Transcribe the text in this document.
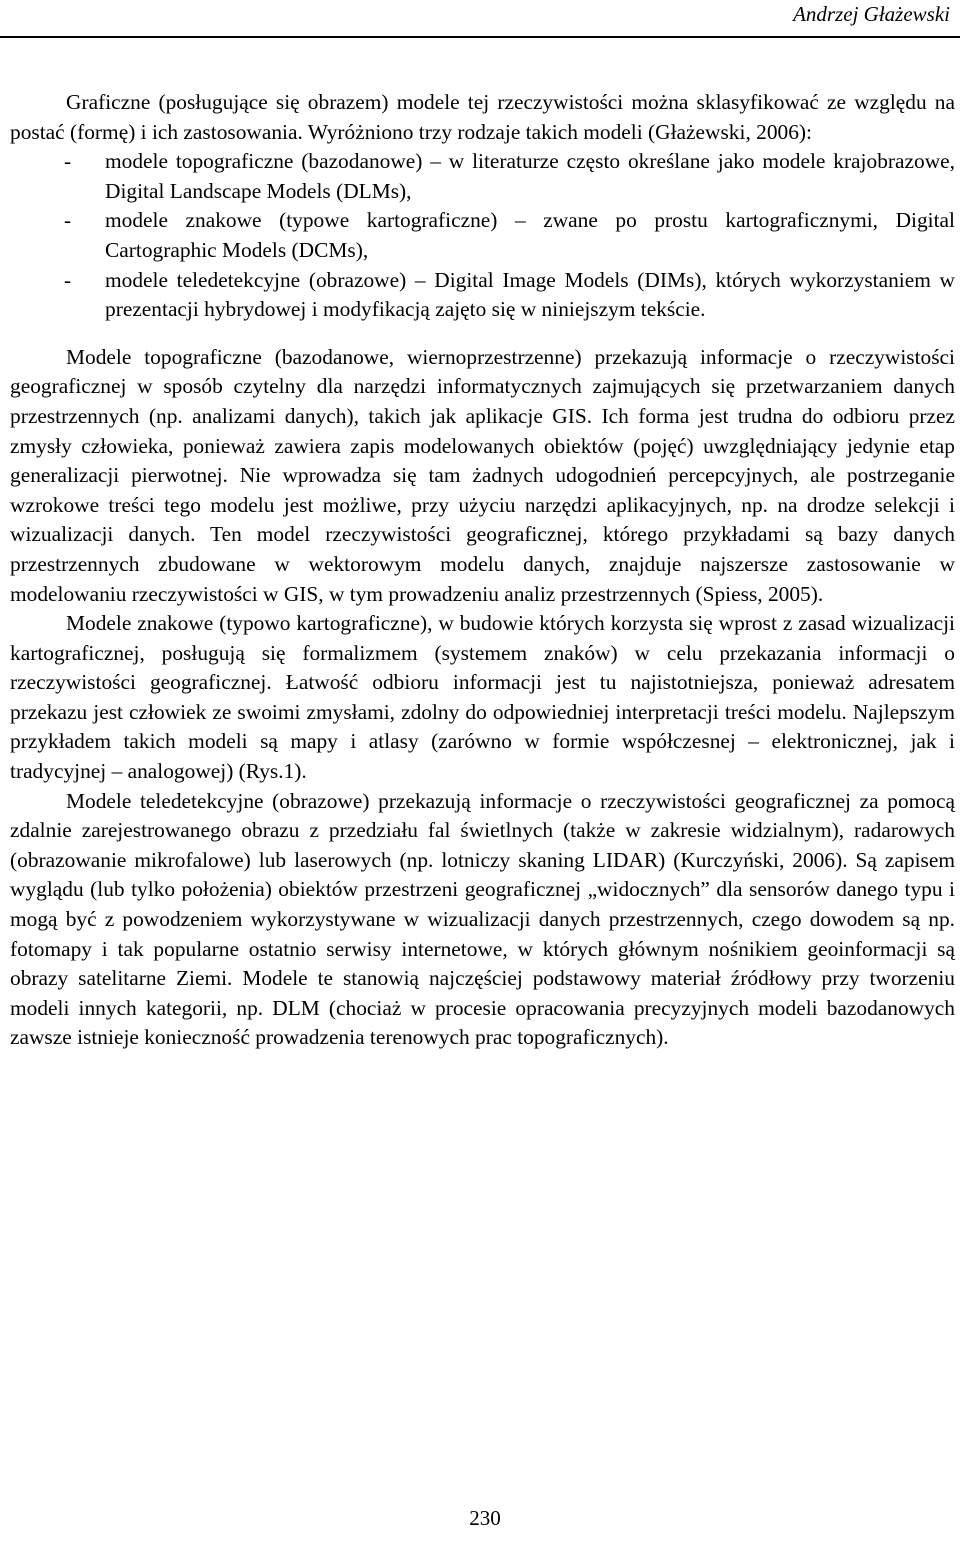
Andrzej Głażewski

Graficzne (posługujące się obrazem) modele tej rzeczywistości można sklasyfikować ze względu na postać (formę) i ich zastosowania. Wyróżniono trzy rodzaje takich modeli (Głażewski, 2006):

- modele topograficzne (bazodanowe) – w literaturze często określane jako modele krajobrazowe, Digital Landscape Models (DLMs),
- modele znakowe (typowe kartograficzne) – zwane po prostu kartograficznymi, Digital Cartographic Models (DCMs),
- modele teledetekcyjne (obrazowe) – Digital Image Models (DIMs), których wykorzystaniem w prezentacji hybrydowej i modyfikacją zajęto się w niniejszym tekście.

Modele topograficzne (bazodanowe, wiernoprzestrzenne) przekazują informacje o rzeczywistości geograficznej w sposób czytelny dla narzędzi informatycznych zajmujących się przetwarzaniem danych przestrzennych (np. analizami danych), takich jak aplikacje GIS. Ich forma jest trudna do odbioru przez zmysły człowieka, ponieważ zawiera zapis modelowanych obiektów (pojęć) uwzględniający jedynie etap generalizacji pierwotnej. Nie wprowadza się tam żadnych udogodnień percepcyjnych, ale postrzeganie wzrokowe treści tego modelu jest możliwe, przy użyciu narzędzi aplikacyjnych, np. na drodze selekcji i wizualizacji danych. Ten model rzeczywistości geograficznej, którego przykładami są bazy danych przestrzennych zbudowane w wektorowym modelu danych, znajduje najszersze zastosowanie w modelowaniu rzeczywistości w GIS, w tym prowadzeniu analiz przestrzennych (Spiess, 2005).

Modele znakowe (typowo kartograficzne), w budowie których korzysta się wprost z zasad wizualizacji kartograficznej, posługują się formalizmem (systemem znaków) w celu przekazania informacji o rzeczywistości geograficznej. Łatwość odbioru informacji jest tu najistotniejsza, ponieważ adresatem przekazu jest człowiek ze swoimi zmysłami, zdolny do odpowiedniej interpretacji treści modelu. Najlepszym przykładem takich modeli są mapy i atlasy (zarówno w formie współczesnej – elektronicznej, jak i tradycyjnej – analogowej) (Rys.1).

Modele teledetekcyjne (obrazowe) przekazują informacje o rzeczywistości geograficznej za pomocą zdalnie zarejestrowanego obrazu z przedziału fal świetlnych (także w zakresie widzialnym), radarowych (obrazowanie mikrofalowe) lub laserowych (np. lotniczy skaning LIDAR) (Kurczyński, 2006). Są zapisem wyglądu (lub tylko położenia) obiektów przestrzeni geograficznej „widocznych” dla sensorów danego typu i mogą być z powodzeniem wykorzystywane w wizualizacji danych przestrzennych, czego dowodem są np. fotomapy i tak popularne ostatnio serwisy internetowe, w których głównym nośnikiem geoinformacji są obrazy satelitarne Ziemi. Modele te stanowią najczęściej podstawowy materiał źródłowy przy tworzeniu modeli innych kategorii, np. DLM (chociaż w procesie opracowania precyzyjnych modeli bazodanowych zawsze istnieje konieczność prowadzenia terenowych prac topograficznych).

230
